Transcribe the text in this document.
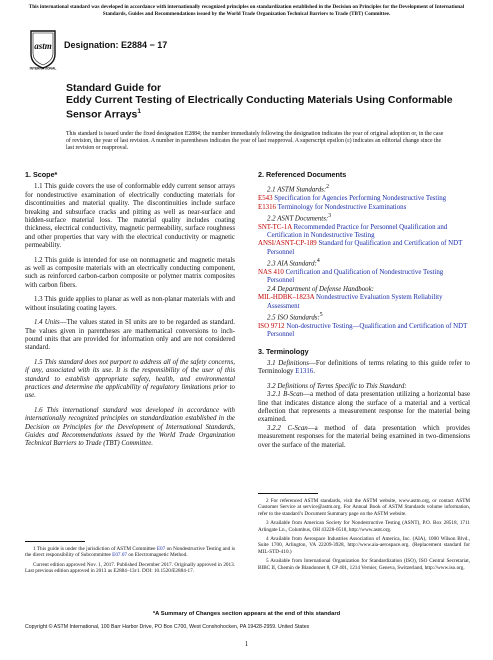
This international standard was developed in accordance with internationally recognized principles on standardization established in the Decision on Principles for the Development of International Standards, Guides and Recommendations issued by the World Trade Organization Technical Barriers to Trade (TBT) Committee.
astm
INTERNATIONAL
Designation: E2884 − 17
Standard Guide for
Eddy Current Testing of Electrically Conducting Materials Using Conformable Sensor Arrays$^1$
This standard is issued under the fixed designation E2884; the number immediately following the designation indicates the year of original adoption or, in the case of revision, the year of last revision. A number in parentheses indicates the year of last reapproval. A superscript epsilon (ε) indicates an editorial change since the last revision or reapproval.
1. Scope*
1.1 This guide covers the use of conformable eddy current sensor arrays for nondestructive examination of electrically conducting materials for discontinuities and material quality. The discontinuities include surface breaking and subsurface cracks and pitting as well as near-surface and hidden-surface material loss. The material quality includes coating thickness, electrical conductivity, magnetic permeability, surface roughness and other properties that vary with the electrical conductivity or magnetic permeability.
1.2 This guide is intended for use on nonmagnetic and magnetic metals as well as composite materials with an electrically conducting component, such as reinforced carbon-carbon composite or polymer matrix composites with carbon fibers.
1.3 This guide applies to planar as well as non-planar materials with and without insulating coating layers.
1.4 Units—The values stated in SI units are to be regarded as standard. The values given in parentheses are mathematical conversions to inch-pound units that are provided for information only and are not considered standard.
1.5 This standard does not purport to address all of the safety concerns, if any, associated with its use. It is the responsibility of the user of this standard to establish appropriate safety, health, and environmental practices and determine the applicability of regulatory limitations prior to use.
1.6 This international standard was developed in accordance with internationally recognized principles on standardization established in the Decision on Principles for the Development of International Standards, Guides and Recommendations issued by the World Trade Organization Technical Barriers to Trade (TBT) Committee.
2. Referenced Documents
2.1 ASTM Standards:$^2$
E543 Specification for Agencies Performing Nondestructive Testing
E1316 Terminology for Nondestructive Examinations
2.2 ASNT Documents:$^3$
SNT-TC-1A Recommended Practice for Personnel Qualification and Certification in Nondestructive Testing
ANSI/ASNT-CP-189 Standard for Qualification and Certification of NDT Personnel
2.3 AIA Standard:$^4$
NAS 410 Certification and Qualification of Nondestructive Testing Personnel
2.4 Department of Defense Handbook:
MIL-HDBK–1823A Nondestructive Evaluation System Reliability Assessment
2.5 ISO Standards:$^5$
ISO 9712 Non-destructive Testing—Qualification and Certification of NDT Personnel
3. Terminology
3.1 Definitions—For definitions of terms relating to this guide refer to Terminology E1316.
3.2 Definitions of Terms Specific to This Standard:
3.2.1 B-Scan—a method of data presentation utilizing a horizontal base line that indicates distance along the surface of a material and a vertical deflection that represents a measurement response for the material being examined.
3.2.2 C-Scan—a method of data presentation which provides measurement responses for the material being examined in two-dimensions over the surface of the material.
1 This guide is under the jurisdiction of ASTM Committee E07 on Nondestructive Testing and is the direct responsibility of Subcommittee E07.07 on Electromagnetic Method.
Current edition approved Nov. 1, 2017. Published December 2017. Originally approved in 2013. Last previous edition approved in 2013 as E2884–13ε1. DOI: 10.1520/E2884-17.
2 For referenced ASTM standards, visit the ASTM website, www.astm.org, or contact ASTM Customer Service at service@astm.org. For Annual Book of ASTM Standards volume information, refer to the standard’s Document Summary page on the ASTM website.
3 Available from American Society for Nondestructive Testing (ASNT), P.O. Box 28518, 1711 Arlingate Ln., Columbus, OH 43228-0518, http://www.asnt.org.
4 Available from Aerospace Industries Association of America, Inc. (AIA), 1000 Wilson Blvd., Suite 1700, Arlington, VA 22209-3928, http://www.aia-aerospace.org. (Replacement standard for MIL-STD-410.)
5 Available from International Organization for Standardization (ISO), ISO Central Secretariat, BIBC II, Chemin de Blandonnet 8, CP 401, 1214 Vernier, Geneva, Switzerland, http://www.iso.org.
*A Summary of Changes section appears at the end of this standard
Copyright © ASTM International, 100 Barr Harbor Drive, PO Box C700, West Conshohocken, PA 19428-2959. United States
1
